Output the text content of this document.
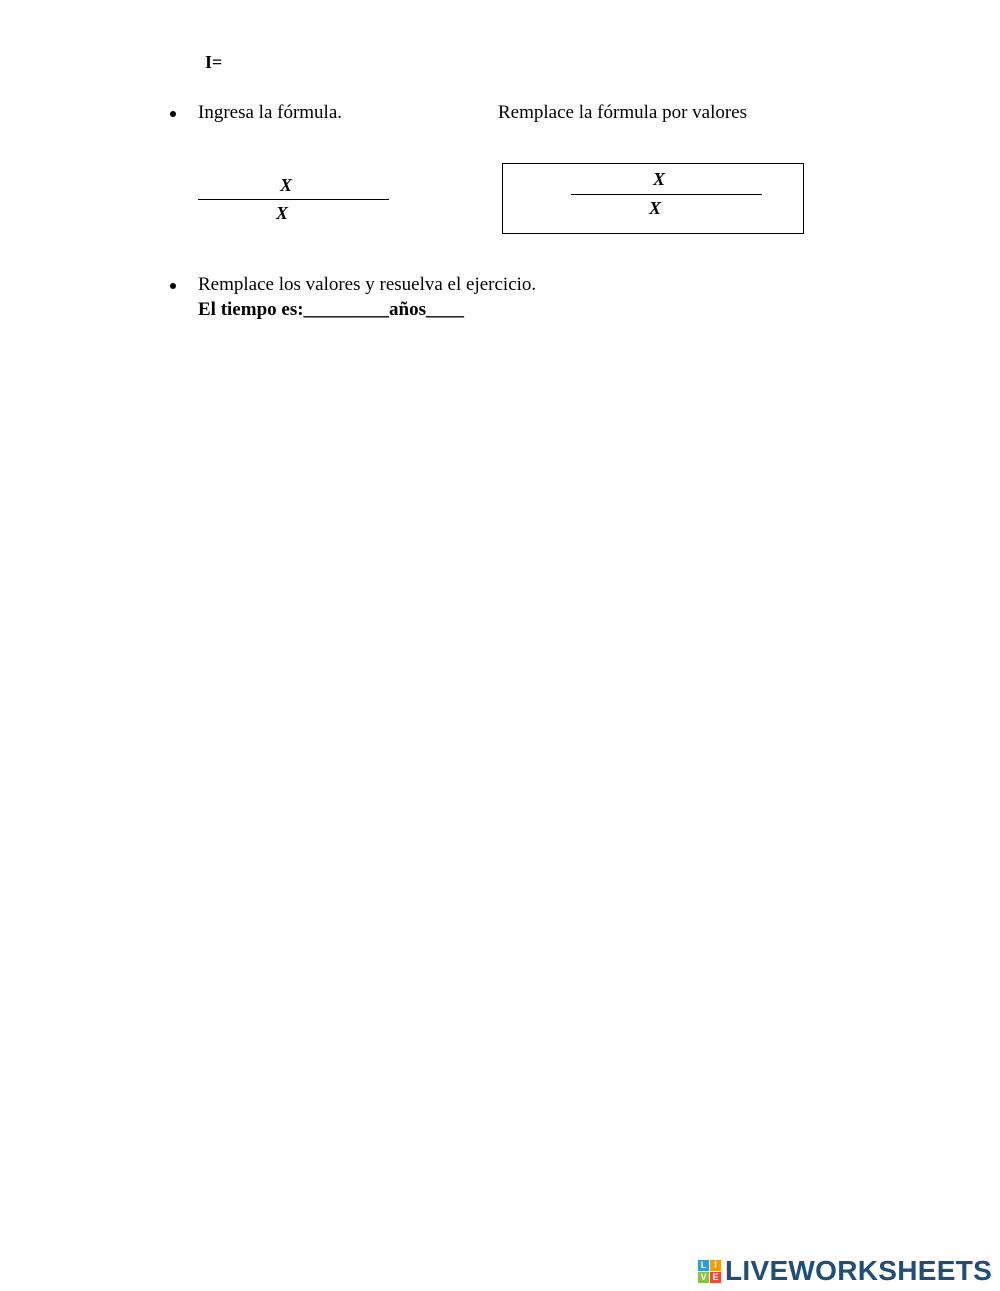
I=
Ingresa la fórmula.	Remplace la fórmula por valores
X
X
X
X
Remplace los valores y resuelva el ejercicio.
El tiempo es:_________años____
L I
V E LIVEWORKSHEETS
